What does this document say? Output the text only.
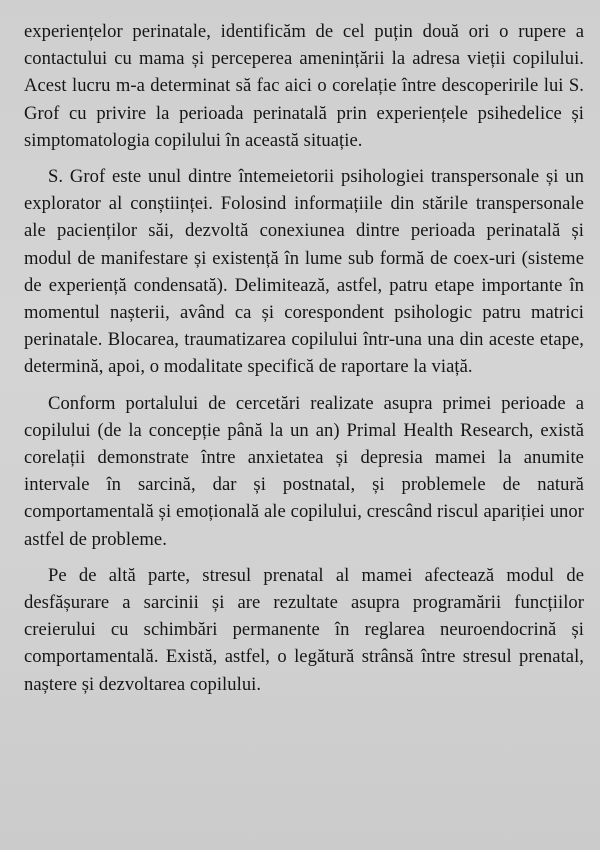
experiențelor perinatale, identificăm de cel puțin două ori o rupere a contactului cu mama și perceperea amenințării la adresa vieții copilului. Acest lucru m-a determinat să fac aici o corelație între descoperirile lui S. Grof cu privire la perioada perinatală prin experiențele psihedelice și simptomatologia copilului în această situație.

S. Grof este unul dintre întemeietorii psihologiei transpersonale și un explorator al conștiinței. Folosind informațiile din stările transpersonale ale pacienților săi, dezvoltă conexiunea dintre perioada perinatală și modul de manifestare și existență în lume sub formă de coex-uri (sisteme de experiență condensată). Delimitează, astfel, patru etape importante în momentul nașterii, având ca și corespondent psihologic patru matrici perinatale. Blocarea, traumatizarea copilului într-una una din aceste etape, determină, apoi, o modalitate specifică de raportare la viață.

Conform portalului de cercetări realizate asupra primei perioade a copilului (de la concepție până la un an) Primal Health Research, există corelații demonstrate între anxietatea și depresia mamei la anumite intervale în sarcină, dar și postnatal, și problemele de natură comportamentală și emoțională ale copilului, crescând riscul apariției unor astfel de probleme.

Pe de altă parte, stresul prenatal al mamei afectează modul de desfășurare a sarcinii și are rezultate asupra programării funcțiilor creierului cu schimbări permanente în reglarea neuroendocrină și comportamentală. Există, astfel, o legătură strânsă între stresul prenatal, naștere și dezvoltarea copilului.
